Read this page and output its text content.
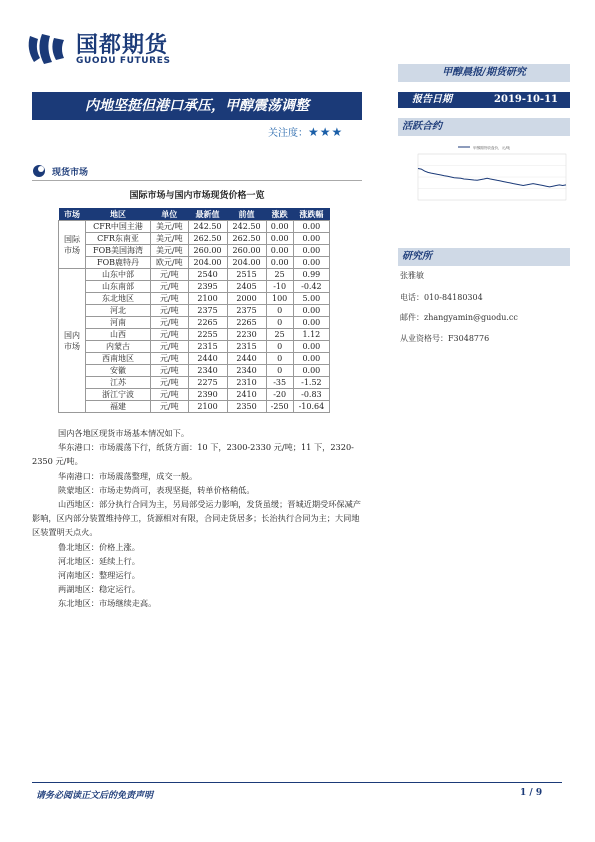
国都期货
GUODU FUTURES
甲醇晨报/期货研究
内地坚挺但港口承压，甲醇震荡调整
关注度：★★★
报告日期	2019-10-11
活跃合约
甲醇期货收盘价，元/吨
研究所
张雅敏
电话：010-84180304
邮件：zhangyamin@guodu.cc
从业资格号：F3048776
现货市场
国际市场与国内市场现货价格一览
市场	地区	单位	最新值	前值	涨跌	涨跌幅
国际市场	CFR中国主港	美元/吨	242.50	242.50	0.00	0.00
	CFR东南亚	美元/吨	262.50	262.50	0.00	0.00
	FOB美国海湾	美元/吨	260.00	260.00	0.00	0.00
	FOB鹿特丹	欧元/吨	204.00	204.00	0.00	0.00
国内市场	山东中部	元/吨	2540	2515	25	0.99
	山东南部	元/吨	2395	2405	-10	-0.42
	东北地区	元/吨	2100	2000	100	5.00
	河北	元/吨	2375	2375	0	0.00
	河南	元/吨	2265	2265	0	0.00
	山西	元/吨	2255	2230	25	1.12
	内蒙古	元/吨	2315	2315	0	0.00
	西南地区	元/吨	2440	2440	0	0.00
	安徽	元/吨	2340	2340	0	0.00
	江苏	元/吨	2275	2310	-35	-1.52
	浙江宁波	元/吨	2390	2410	-20	-0.83
	福建	元/吨	2100	2350	-250	-10.64

国内各地区现货市场基本情况如下。

华东港口：市场震荡下行，纸货方面：10 下，2300-2330 元/吨；11 下，2320-2350 元/吨。

华南港口：市场震荡整理，成交一般。

陕蒙地区：市场走势尚可，表现坚挺，转单价格稍低。

山西地区：部分执行合同为主，另局部受运力影响，发货虽缓；晋城近期受环保减产影响，区内部分装置维持停工，货源相对有限，合同走货居多；长治执行合同为主；大同地区装置明天点火。

鲁北地区：价格上涨。

河北地区：延续上行。

河南地区：整理运行。

两湖地区：稳定运行。

东北地区：市场继续走高。

请务必阅读正文后的免责声明	1 / 9
